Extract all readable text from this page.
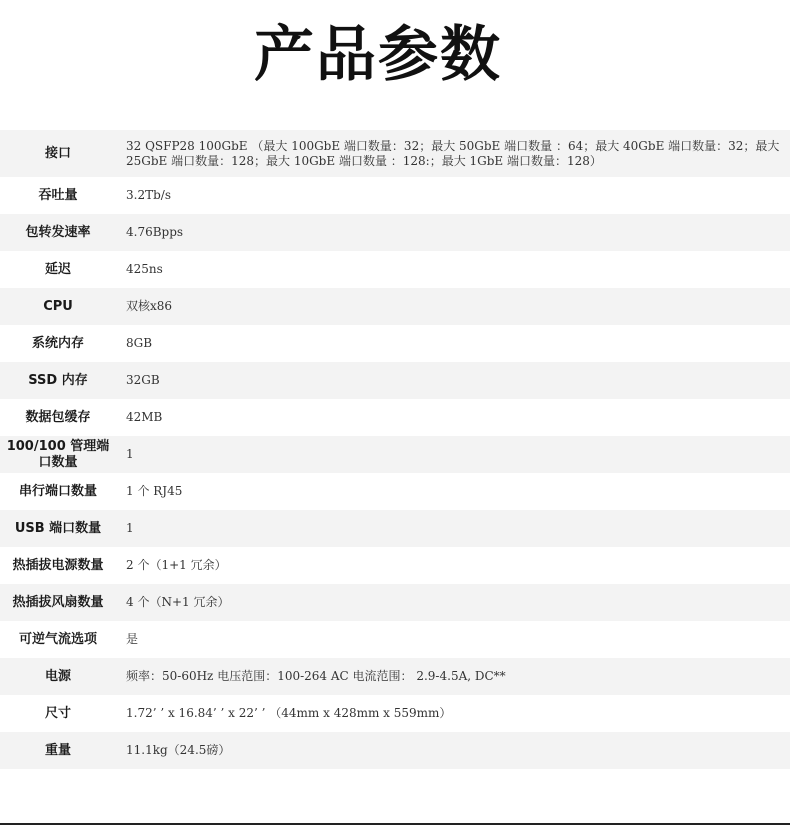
产品参数
接口	32 QSFP28 100GbE （最大 100GbE 端口数量：32；最大 50GbE 端口数量 ：64；最大 40GbE 端口数量：32；最大 25GbE 端口数量：128；最大 10GbE 端口数量 ：128:；最大 1GbE 端口数量：128）
吞吐量	3.2Tb/s
包转发速率	4.76Bpps
延迟	425ns
CPU	双核x86
系统内存	8GB
SSD 内存	32GB
数据包缓存	42MB
100/100 管理端口数量	1
串行端口数量	1 个 RJ45
USB 端口数量	1
热插拔电源数量	2 个（1+1 冗余）
热插拔风扇数量	4 个（N+1 冗余）
可逆气流选项	是
电源	频率：50-60Hz 电压范围：100-264 AC 电流范围： 2.9-4.5A, DC**
尺寸	1.72’ ’ x 16.84’ ’ x 22’ ’ （44mm x 428mm x 559mm）
重量	11.1kg（24.5磅）
